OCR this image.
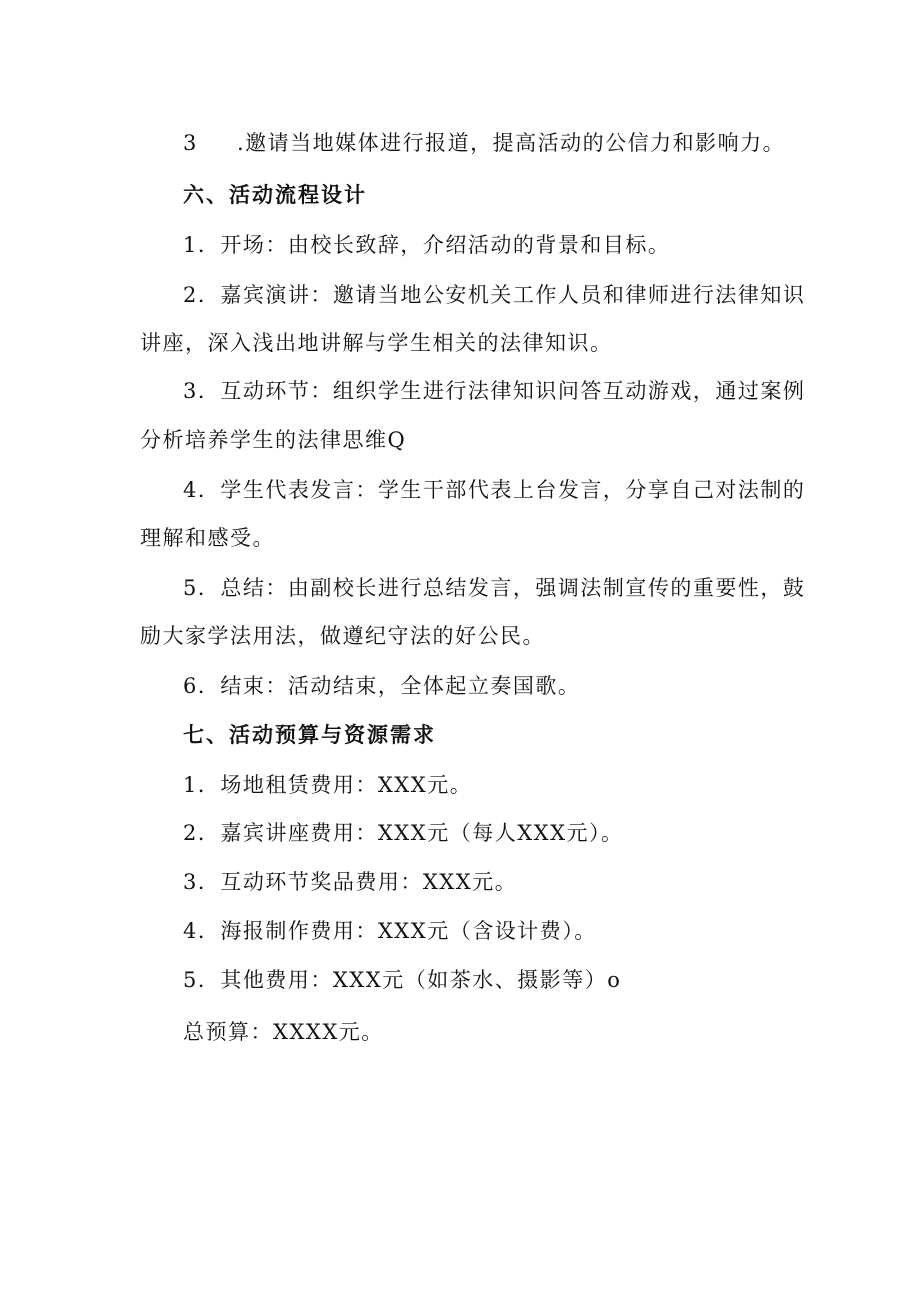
3 .邀请当地媒体进行报道，提高活动的公信力和影响力。
六、活动流程设计
1．开场：由校长致辞，介绍活动的背景和目标。
2．嘉宾演讲：邀请当地公安机关工作人员和律师进行法律知识
讲座，深入浅出地讲解与学生相关的法律知识。
3．互动环节：组织学生进行法律知识问答互动游戏，通过案例
分析培养学生的法律思维Q
4．学生代表发言：学生干部代表上台发言，分享自己对法制的
理解和感受。
5．总结：由副校长进行总结发言，强调法制宣传的重要性，鼓
励大家学法用法，做遵纪守法的好公民。
6．结束：活动结束，全体起立奏国歌。
七、活动预算与资源需求
1．场地租赁费用：XXX元。
2．嘉宾讲座费用：XXX元（每人XXX元）。
3．互动环节奖品费用：XXX元。
4．海报制作费用：XXX元（含设计费）。
5．其他费用：XXX元（如茶水、摄影等）o
总预算：XXXX元。
